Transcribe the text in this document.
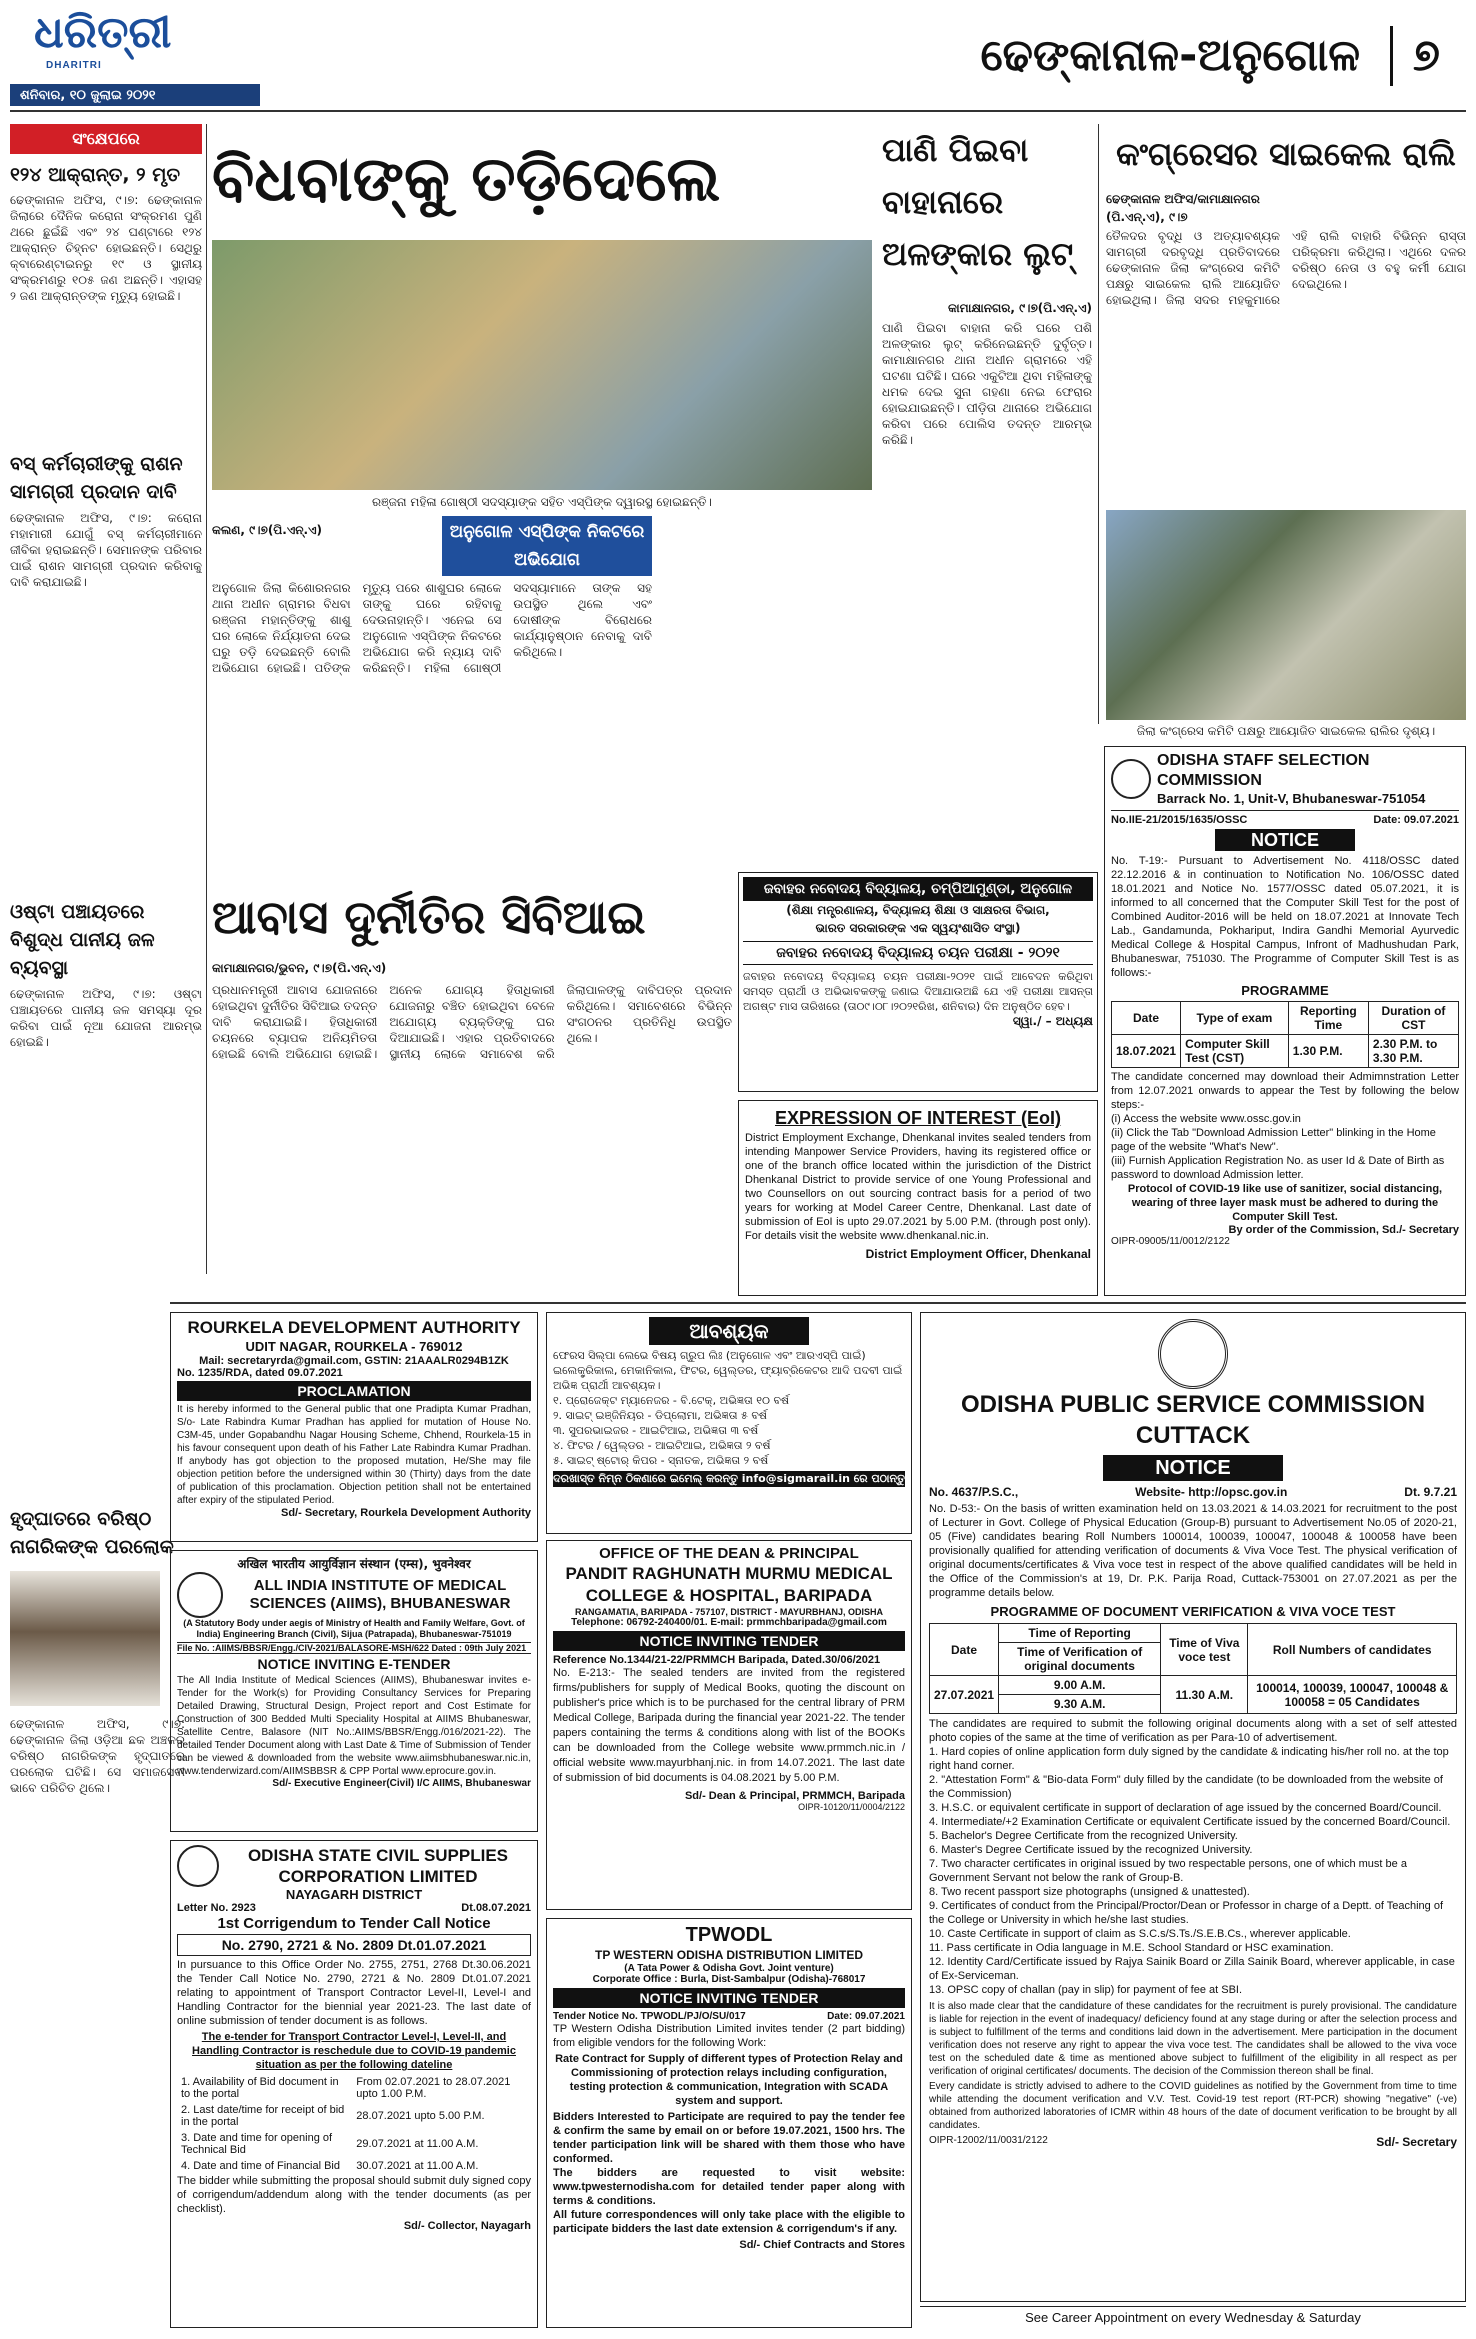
ଧରିତ୍ରୀ
DHARITRI
ଶନିବାର, ୧୦ ଜୁଲାଇ ୨୦୨୧
ଢେଙ୍କାନାଳ-ଅନୁଗୋଳ	୭
ସଂକ୍ଷେପରେ
୧୨୪ ଆକ୍ରାନ୍ତ, ୨ ମୃତ
ଢେଙ୍କାନାଳ ଅଫିସ, ୯।୭: ଢେଙ୍କାନାଳ ଜିଲାରେ ଦୈନିକ କରୋନା ସଂକ୍ରମଣ ପୁଣି ଥରେ ଛୁଇଁଛି ଏବଂ ୨୪ ଘଣ୍ଟାରେ ୧୨୪ ଆକ୍ରାନ୍ତ ଚିହ୍ନଟ ହୋଇଛନ୍ତି। ସେଥିରୁ କ୍ବାରେଣ୍ଟାଇନରୁ ୧୯ ଓ ସ୍ଥାନୀୟ ସଂକ୍ରମଣରୁ ୧୦୫ ଜଣ ଅଛନ୍ତି। ଏହାସହ ୨ ଜଣ ଆକ୍ରାନ୍ତଙ୍କ ମୃତ୍ୟୁ ହୋଇଛି।
ବସ୍ କର୍ମଚାରୀଙ୍କୁ ରାଶନ ସାମଗ୍ରୀ ପ୍ରଦାନ ଦାବି
ଢେଙ୍କାନାଳ ଅଫିସ, ୯।୭: କରୋନା ମହାମାରୀ ଯୋଗୁଁ ବସ୍ କର୍ମଚାରୀମାନେ ଜୀବିକା ହରାଇଛନ୍ତି। ସେମାନଙ୍କ ପରିବାର ପାଇଁ ରାଶନ ସାମଗ୍ରୀ ପ୍ରଦାନ କରିବାକୁ ଦାବି କରାଯାଇଛି।
ଓଷ୍ଟା ପଞ୍ଚାୟତରେ ବିଶୁଦ୍ଧ ପାନୀୟ ଜଳ ବ୍ୟବସ୍ଥା
ଢେଙ୍କାନାଳ ଅଫିସ, ୯।୭: ଓଷ୍ଟା ପଞ୍ଚାୟତରେ ପାନୀୟ ଜଳ ସମସ୍ୟା ଦୂର କରିବା ପାଇଁ ନୂଆ ଯୋଜନା ଆରମ୍ଭ ହୋଇଛି।
ହୃଦ୍‌ଘାତରେ ବରିଷ୍ଠ ନାଗରିକଙ୍କ ପରଲୋକ
ଢେଙ୍କାନାଳ ଅଫିସ, ୯।୭: ଢେଙ୍କାନାଳ ଜିଲା ଓଡ଼ିଆ ଛକ ଅଞ୍ଚଳର ବରିଷ୍ଠ ନାଗରିକଙ୍କ ହୃଦ୍‌ଘାତରେ ପରଲୋକ ଘଟିଛି। ସେ ସମାଜସେବୀ ଭାବେ ପରିଚିତ ଥିଲେ।
ବିଧବାଙ୍କୁ ତଡ଼ିଦେଲେ
ରଞ୍ଜନା ମହିଳା ଗୋଷ୍ଠୀ ସଦସ୍ୟାଙ୍କ ସହିତ ଏସ୍‌ପିଙ୍କ ଦ୍ୱାରସ୍ଥ ହୋଇଛନ୍ତି।
କଲଣ, ୯।୭(ପି.ଏନ୍.ଏ)	ଅନୁଗୋଳ ଏସ୍‌ପିଙ୍କ ନିକଟରେ ଅଭିଯୋଗ
ଅନୁଗୋଳ ଜିଲା କିଶୋରନଗର ଥାନା ଅଧୀନ ଗ୍ରାମର ବିଧବା ରଞ୍ଜନା ମହାନ୍ତିଙ୍କୁ ଶାଶୁ ଘର ଲୋକେ ନିର୍ଯ୍ୟାତନା ଦେଇ ଘରୁ ତଡ଼ି ଦେଇଛନ୍ତି ବୋଲି ଅଭିଯୋଗ ହୋଇଛି। ପତିଙ୍କ ମୃତ୍ୟୁ ପରେ ଶାଶୁଘର ଲୋକେ ତାଙ୍କୁ ଘରେ ରହିବାକୁ ଦେଉନାହାନ୍ତି। ଏନେଇ ସେ ଅନୁଗୋଳ ଏସ୍‌ପିଙ୍କ ନିକଟରେ ଅଭିଯୋଗ କରି ନ୍ୟାୟ ଦାବି କରିଛନ୍ତି। ମହିଳା ଗୋଷ୍ଠୀ ସଦସ୍ୟାମାନେ ତାଙ୍କ ସହ ଉପସ୍ଥିତ ଥିଲେ ଏବଂ ଦୋଷୀଙ୍କ ବିରୋଧରେ କାର୍ଯ୍ୟାନୁଷ୍ଠାନ ନେବାକୁ ଦାବି କରିଥିଲେ।
ପାଣି ପିଇବା ବାହାନାରେ ଅଳଙ୍କାର ଲୁଟ୍
କାମାକ୍ଷାନଗର, ୯।୭(ପି.ଏନ୍.ଏ)
ପାଣି ପିଇବା ବାହାନା କରି ଘରେ ପଶି ଅଳଙ୍କାର ଲୁଟ୍ କରିନେଇଛନ୍ତି ଦୁର୍ବୃତ୍ତ। କାମାକ୍ଷାନଗର ଥାନା ଅଧୀନ ଗ୍ରାମରେ ଏହି ଘଟଣା ଘଟିଛି। ଘରେ ଏକୁଟିଆ ଥିବା ମହିଳାଙ୍କୁ ଧମକ ଦେଇ ସୁନା ଗହଣା ନେଇ ଫେରାର ହୋଇଯାଇଛନ୍ତି। ପୀଡ଼ିତା ଥାନାରେ ଅଭିଯୋଗ କରିବା ପରେ ପୋଲିସ ତଦନ୍ତ ଆରମ୍ଭ କରିଛି।
କଂଗ୍ରେସର ସାଇକେଲ ରାଲି
ଢେଙ୍କାନାଳ ଅଫିସ/କାମାକ୍ଷାନଗର (ପି.ଏନ୍.ଏ), ୯।୭
ତୈଳଦର ବୃଦ୍ଧି ଓ ଅତ୍ୟାବଶ୍ୟକ ସାମଗ୍ରୀ ଦରବୃଦ୍ଧି ପ୍ରତିବାଦରେ ଢେଙ୍କାନାଳ ଜିଲା କଂଗ୍ରେସ କମିଟି ପକ୍ଷରୁ ସାଇକେଲ ରାଲି ଆୟୋଜିତ ହୋଇଥିଲା। ଜିଲା ସଦର ମହକୁମାରେ ଏହି ରାଲି ବାହାରି ବିଭିନ୍ନ ରାସ୍ତା ପରିକ୍ରମା କରିଥିଲା। ଏଥିରେ ଦଳର ବରିଷ୍ଠ ନେତା ଓ ବହୁ କର୍ମୀ ଯୋଗ ଦେଇଥିଲେ।
ଜିଲା କଂଗ୍ରେସ କମିଟି ପକ୍ଷରୁ ଆୟୋଜିତ ସାଇକେଲ ରାଲିର ଦୃଶ୍ୟ।
ଆବାସ ଦୁର୍ନୀତିର ସିବିଆଇ
କାମାକ୍ଷାନଗର/ଭୁବନ, ୯।୭(ପି.ଏନ୍.ଏ)
ପ୍ରଧାନମନ୍ତ୍ରୀ ଆବାସ ଯୋଜନାରେ ହୋଇଥିବା ଦୁର୍ନୀତିର ସିବିଆଇ ତଦନ୍ତ ଦାବି କରାଯାଇଛି। ହିତାଧିକାରୀ ଚୟନରେ ବ୍ୟାପକ ଅନିୟମିତତା ହୋଇଛି ବୋଲି ଅଭିଯୋଗ ହୋଇଛି। ଅନେକ ଯୋଗ୍ୟ ହିତାଧିକାରୀ ଯୋଜନାରୁ ବଞ୍ଚିତ ହୋଇଥିବା ବେଳେ ଅଯୋଗ୍ୟ ବ୍ୟକ୍ତିଙ୍କୁ ଘର ଦିଆଯାଇଛି। ଏହାର ପ୍ରତିବାଦରେ ସ୍ଥାନୀୟ ଲୋକେ ସମାବେଶ କରି ଜିଲାପାଳଙ୍କୁ ଦାବିପତ୍ର ପ୍ରଦାନ କରିଥିଲେ। ସମାବେଶରେ ବିଭିନ୍ନ ସଂଗଠନର ପ୍ରତିନିଧି ଉପସ୍ଥିତ ଥିଲେ।
ଜବାହର ନବୋଦୟ ବିଦ୍ୟାଳୟ, ଚମ୍ପିଆମୁଣ୍ଡା, ଅନୁଗୋଳ
(ଶିକ୍ଷା ମନ୍ତ୍ରଣାଳୟ, ବିଦ୍ୟାଳୟ ଶିକ୍ଷା ଓ ସାକ୍ଷରତା ବିଭାଗ,
ଭାରତ ସରକାରଙ୍କ ଏକ ସ୍ୱୟଂଶାସିତ ସଂସ୍ଥା)
ଜବାହର ନବୋଦୟ ବିଦ୍ୟାଳୟ ଚୟନ ପରୀକ୍ଷା - ୨୦୨୧
ଜବାହର ନବୋଦୟ ବିଦ୍ୟାଳୟ ଚୟନ ପରୀକ୍ଷା-୨୦୨୧ ପାଇଁ ଆବେଦନ କରିଥିବା ସମସ୍ତ ପ୍ରାର୍ଥୀ ଓ ଅଭିଭାବକଙ୍କୁ ଜଣାଇ ଦିଆଯାଉଅଛି ଯେ ଏହି ପରୀକ୍ଷା ଆସନ୍ତା ଅଗଷ୍ଟ ମାସ ତାରିଖରେ (ତା୦୯।୦୮।୨୦୨୧ରିଖ, ଶନିବାର) ଦିନ ଅନୁଷ୍ଠିତ ହେବ।
ସ୍ୱା./ – ଅଧ୍ୟକ୍ଷ
EXPRESSION OF INTEREST (EoI)
District Employment Exchange, Dhenkanal invites sealed tenders from intending Manpower Service Providers, having its registered office or one of the branch office located within the jurisdiction of the District Dhenkanal District to provide service of one Young Professional and two Counsellors on out sourcing contract basis for a period of two years for working at Model Career Centre, Dhenkanal. Last date of submission of EoI is upto 29.07.2021 by 5.00 P.M. (through post only). For details visit the website www.dhenkanal.nic.in.
District Employment Officer, Dhenkanal
ODISHA STAFF SELECTION COMMISSION
Barrack No. 1, Unit-V, Bhubaneswar-751054
No.IIE-21/2015/1635/OSSC	Date: 09.07.2021
NOTICE
No. T-19:- Pursuant to Advertisement No. 4118/OSSC dated 22.12.2016 & in continuation to Notification No. 106/OSSC dated 18.01.2021 and Notice No. 1577/OSSC dated 05.07.2021, it is informed to all concerned that the Computer Skill Test for the post of Combined Auditor-2016 will be held on 18.07.2021 at Innovate Tech Lab., Gandamunda, Pokhariput, Indira Gandhi Memorial Ayurvedic Medical College & Hospital Campus, Infront of Madhushudan Park, Bhubaneswar, 751030. The Programme of Computer Skill Test is as follows:-
PROGRAMME
Date	Type of exam	Reporting Time	Duration of CST
18.07.2021	Computer Skill Test (CST)	1.30 P.M.	2.30 P.M. to 3.30 P.M.
The candidate concerned may download their Admimnstration Letter from 12.07.2021 onwards to appear the Test by following the below steps:-
(i) Access the website www.ossc.gov.in
(ii) Click the Tab "Download Admission Letter" blinking in the Home page of the website "What's New".
(iii) Furnish Application Registration No. as user Id & Date of Birth as password to download Admission letter.
Protocol of COVID-19 like use of sanitizer, social distancing, wearing of three layer mask must be adhered to during the Computer Skill Test.
By order of the Commission, Sd./- Secretary
OIPR-09005/11/0012/2122
ROURKELA DEVELOPMENT AUTHORITY
UDIT NAGAR, ROURKELA - 769012
Mail: secretaryrda@gmail.com, GSTIN: 21AAALR0294B1ZK
No. 1235/RDA, dated 09.07.2021
PROCLAMATION
It is hereby informed to the General public that one Pradipta Kumar Pradhan, S/o- Late Rabindra Kumar Pradhan has applied for mutation of House No. C3M-45, under Gopabandhu Nagar Housing Scheme, Chhend, Rourkela-15 in his favour consequent upon death of his Father Late Rabindra Kumar Pradhan. If anybody has got objection to the proposed mutation, He/She may file objection petition before the undersigned within 30 (Thirty) days from the date of publication of this proclamation. Objection petition shall not be entertained after expiry of the stipulated Period.
Sd/- Secretary, Rourkela Development Authority
अखिल भारतीय आयुर्विज्ञान संस्थान (एम्स), भुवनेश्वर
ALL INDIA INSTITUTE OF MEDICAL SCIENCES (AIIMS), BHUBANESWAR
(A Statutory Body under aegis of Ministry of Health and Family Welfare, Govt. of India) Engineering Branch (Civil), Sijua (Patrapada), Bhubaneswar-751019
File No. :AIIMS/BBSR/Engg./CIV-2021/BALASORE-MSH/622 Dated : 09th July 2021
NOTICE INVITING E-TENDER
The All India Institute of Medical Sciences (AIIMS), Bhubaneswar invites e-Tender for the Work(s) for Providing Consultancy Services for Preparing Detailed Drawing, Structural Design, Project report and Cost Estimate for Construction of 300 Bedded Multi Speciality Hospital at AIIMS Bhubaneswar, Satellite Centre, Balasore (NIT No.:AIIMS/BBSR/Engg./016/2021-22). The detailed Tender Document along with Last Date & Time of Submission of Tender can be viewed & downloaded from the website www.aiimsbhubaneswar.nic.in, www.tenderwizard.com/AIIMSBBSR & CPP Portal www.eprocure.gov.in.
Sd/- Executive Engineer(Civil) I/C AIIMS, Bhubaneswar
ODISHA STATE CIVIL SUPPLIES CORPORATION LIMITED
NAYAGARH DISTRICT
Letter No. 2923	Dt.08.07.2021
1st Corrigendum to Tender Call Notice
No. 2790, 2721 & No. 2809 Dt.01.07.2021
In pursuance to this Office Order No. 2755, 2751, 2768 Dt.30.06.2021 the Tender Call Notice No. 2790, 2721 & No. 2809 Dt.01.07.2021 relating to appointment of Transport Contractor Level-II, Level-I and Handling Contractor for the biennial year 2021-23. The last date of online submission of tender document is as follows.
The e-tender for Transport Contractor Level-I, Level-II, and Handling Contractor is reschedule due to COVID-19 pandemic situation as per the following dateline
1. Availability of Bid document in to the portal	From 02.07.2021 to 28.07.2021 upto 1.00 P.M.
2. Last date/time for receipt of bid in the portal	28.07.2021 upto 5.00 P.M.
3. Date and time for opening of Technical Bid	29.07.2021 at 11.00 A.M.
4. Date and time of Financial Bid	30.07.2021 at 11.00 A.M.
The bidder while submitting the proposal should submit duly signed copy of corrigendum/addendum along with the tender documents (as per checklist).
Sd/- Collector, Nayagarh
ଆବଶ୍ୟକ
ଫେରସ ସିଲ୍‌ପା ଲେଭେ ବିଷୟ ଗ୍ରୁପ ଲିଃ (ଅନୁଗୋଳ ଏବଂ ଆରଏସ୍‌ପି ପାଇଁ) ଇଲେକ୍ଟ୍ରିକାଲ, ମେକାନିକାଲ, ଫିଟର, ୱେଲ୍ଡର, ଫ୍ୟାବ୍ରିକେଟର ଆଦି ପଦବୀ ପାଇଁ ଅଭିଜ୍ଞ ପ୍ରାର୍ଥୀ ଆବଶ୍ୟକ।
୧. ପ୍ରୋଜେକ୍ଟ ମ୍ୟାନେଜର - ବି.ଟେକ୍, ଅଭିଜ୍ଞତା ୧୦ ବର୍ଷ
୨. ସାଇଟ୍ ଇଞ୍ଜିନିୟର - ଡିପ୍ଲୋମା, ଅଭିଜ୍ଞତା ୫ ବର୍ଷ
୩. ସୁପରଭାଇଜର - ଆଇଟିଆଇ, ଅଭିଜ୍ଞତା ୩ ବର୍ଷ
୪. ଫିଟର / ୱେଲ୍ଡର - ଆଇଟିଆଇ, ଅଭିଜ୍ଞତା ୨ ବର୍ଷ
୫. ସାଇଟ୍ ଷ୍ଟୋର୍ କିପର - ସ୍ନାତକ, ଅଭିଜ୍ଞତା ୨ ବର୍ଷ
ଦରଖାସ୍ତ ନିମ୍ନ ଠିକଣାରେ ଇମେଲ୍ କରନ୍ତୁ info@sigmarail.in ରେ ପଠାନ୍ତୁ
OFFICE OF THE DEAN & PRINCIPAL
PANDIT RAGHUNATH MURMU MEDICAL COLLEGE & HOSPITAL, BARIPADA
RANGAMATIA, BARIPADA - 757107, DISTRICT - MAYURBHANJ, ODISHA
Telephone: 06792-240400/01. E-mail: prmmchbaripada@gmail.com
NOTICE INVITING TENDER
Reference No.1344/21-22/PRMMCH Baripada, Dated.30/06/2021
No. E-213:- The sealed tenders are invited from the registered firms/publishers for supply of Medical Books, quoting the discount on publisher's price which is to be purchased for the central library of PRM Medical College, Baripada during the financial year 2021-22. The tender papers containing the terms & conditions along with list of the BOOKs can be downloaded from the College website www.prmmch.nic.in / official website www.mayurbhanj.nic. in from 14.07.2021. The last date of submission of bid documents is 04.08.2021 by 5.00 P.M.
Sd/- Dean & Principal, PRMMCH, Baripada
OIPR-10120/11/0004/2122
TPWODL
TP WESTERN ODISHA DISTRIBUTION LIMITED
(A Tata Power & Odisha Govt. Joint venture)
Corporate Office : Burla, Dist-Sambalpur (Odisha)-768017
NOTICE INVITING TENDER
Tender Notice No. TPWODL/PJ/O/SU/017	Date: 09.07.2021
TP Western Odisha Distribution Limited invites tender (2 part bidding) from eligible vendors for the following Work:
Rate Contract for Supply of different types of Protection Relay and Commissioning of protection relays including configuration, testing protection & communication, Integration with SCADA system and support.
Bidders Interested to Participate are required to pay the tender fee & confirm the same by email on or before 19.07.2021, 1500 hrs. The tender participation link will be shared with them those who have conformed.
The bidders are requested to visit website: www.tpwesternodisha.com for detailed tender paper along with terms & conditions.
All future correspondences will only take place with the eligible to participate bidders the last date extension & corrigendum's if any.
Sd/- Chief Contracts and Stores
ODISHA PUBLIC SERVICE COMMISSION
CUTTACK
NOTICE
No. 4637/P.S.C.,	Website- http://opsc.gov.in	Dt. 9.7.21
No. D-53:- On the basis of written examination held on 13.03.2021 & 14.03.2021 for recruitment to the post of Lecturer in Govt. College of Physical Education (Group-B) pursuant to Advertisement No.05 of 2020-21, 05 (Five) candidates bearing Roll Numbers 100014, 100039, 100047, 100048 & 100058 have been provisionally qualified for attending verification of documents & Viva Voce Test. The physical verification of original documents/certificates & Viva voce test in respect of the above qualified candidates will be held in the Office of the Commission's at 19, Dr. P.K. Parija Road, Cuttack-753001 on 27.07.2021 as per the programme details below.
PROGRAMME OF DOCUMENT VERIFICATION & VIVA VOCE TEST
Date	Time of Reporting	Time of Viva voce test	Roll Numbers of candidates
	Time of Verification of original documents		
27.07.2021	9.00 A.M.	11.30 A.M.	100014, 100039, 100047, 100048 & 100058 = 05 Candidates
	9.30 A.M.		
The candidates are required to submit the following original documents along with a set of self attested photo copies of the same at the time of verification as per Para-10 of advertisement.
1. Hard copies of online application form duly signed by the candidate & indicating his/her roll no. at the top right hand corner.
2. "Attestation Form" & "Bio-data Form" duly filled by the candidate (to be downloaded from the website of the Commission)
3. H.S.C. or equivalent certificate in support of declaration of age issued by the concerned Board/Council.
4. Intermediate/+2 Examination Certificate or equivalent Certificate issued by the concerned Board/Council.
5. Bachelor's Degree Certificate from the recognized University.
6. Master's Degree Certificate issued by the recognized University.
7. Two character certificates in original issued by two respectable persons, one of which must be a Government Servant not below the rank of Group-B.
8. Two recent passport size photographs (unsigned & unattested).
9. Certificates of conduct from the Principal/Proctor/Dean or Professor in charge of a Deptt. of Teaching of the College or University in which he/she last studies.
10. Caste Certificate in support of claim as S.C.s/S.Ts./S.E.B.Cs., wherever applicable.
11. Pass certificate in Odia language in M.E. School Standard or HSC examination.
12. Identity Card/Certificate issued by Rajya Sainik Board or Zilla Sainik Board, wherever applicable, in case of Ex-Serviceman.
13. OPSC copy of challan (pay in slip) for payment of fee at SBI.
It is also made clear that the candidature of these candidates for the recruitment is purely provisional. The candidature is liable for rejection in the event of inadequacy/ deficiency found at any stage during or after the selection process and is subject to fulfillment of the terms and conditions laid down in the advertisement. Mere participation in the document verification does not reserve any right to appear the viva voce test. The candidates shall be allowed to the viva voce test on the scheduled date & time as mentioned above subject to fulfillment of the eligibility in all respect as per verification of original certificates/ documents. The decision of the Commission thereon shall be final.
Every candidate is strictly advised to adhere to the COVID guidelines as notified by the Government from time to time while attending the document verification and V.V. Test. Covid-19 test report (RT-PCR) showing "negative" (-ve) obtained from authorized laboratories of ICMR within 48 hours of the date of document verification to be brought by all candidates.
OIPR-12002/11/0031/2122	Sd/- Secretary
See Career Appointment on every Wednesday & Saturday
